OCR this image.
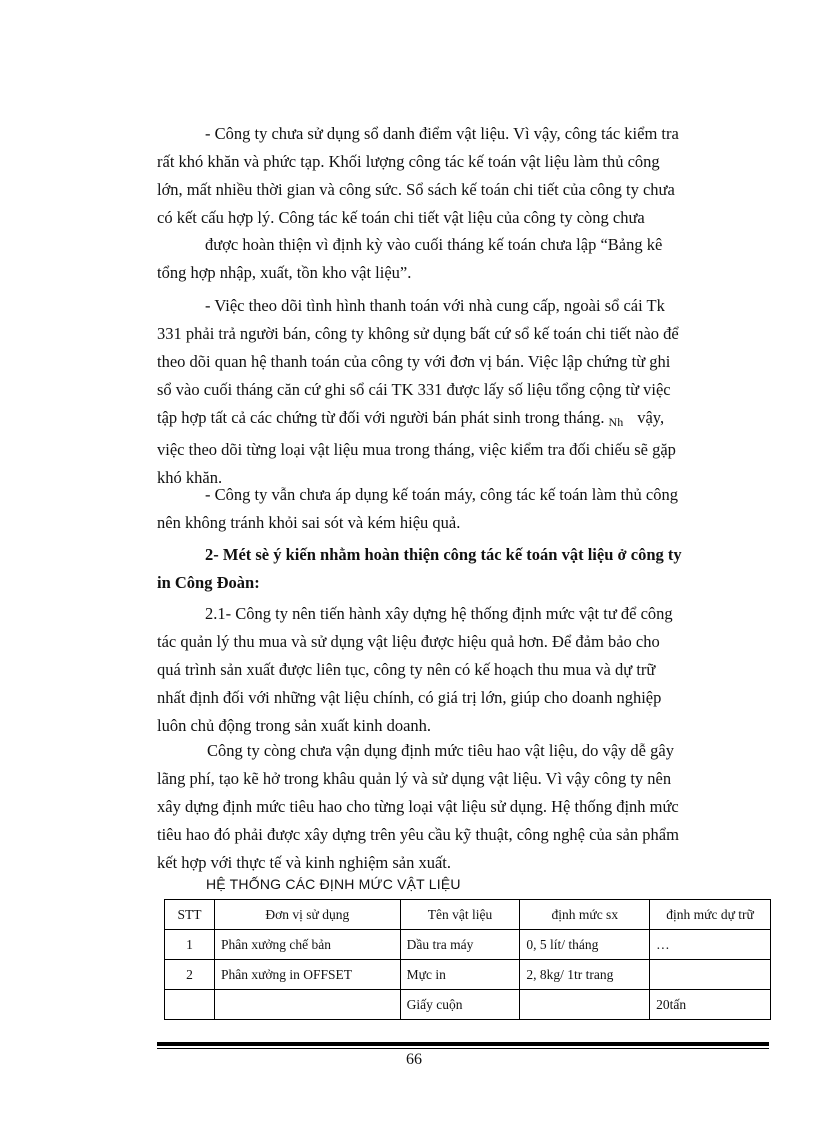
- Công ty chưa sử dụng sổ danh điểm vật liệu. Vì vậy, công tác kiểm tra
rất khó khăn và phức tạp. Khối lượng công tác kế toán vật liệu làm thủ công
lớn, mất nhiều thời gian và công sức. Sổ sách kế toán chi tiết của công ty chưa
có kết cấu hợp lý. Công tác kế toán chi tiết vật liệu của công ty còng chưa
được hoàn thiện vì định kỳ vào cuối tháng kế toán chưa lập “Bảng kê
tổng hợp nhập, xuất, tồn kho vật liệu”.
- Việc theo dõi tình hình thanh toán với nhà cung cấp, ngoài sổ cái Tk
331 phải trả người bán, công ty không sử dụng bất cứ sổ kế toán chi tiết nào để
theo dõi quan hệ thanh toán của công ty với đơn vị bán. Việc lập chứng từ ghi
sổ vào cuối tháng căn cứ ghi sổ cái TK 331 được lấy số liệu tổng cộng từ việc
tập hợp tất cả các chứng từ đối với người bán phát sinh trong tháng. Nh vậy,
việc theo dõi từng loại vật liệu mua trong tháng, việc kiểm tra đối chiếu sẽ gặp
khó khăn.
- Công ty vẫn chưa áp dụng kế toán máy, công tác kế toán làm thủ công
nên không tránh khỏi sai sót và kém hiệu quả.
2- Mét sè ý kiến nhằm hoàn thiện công tác kế toán vật liệu ở công ty
in Công Đoàn:
2.1- Công ty nên tiến hành xây dựng hệ thống định mức vật tư để công
tác quản lý thu mua và sử dụng vật liệu được hiệu quả hơn. Để đảm bảo cho
quá trình sản xuất được liên tục, công ty nên có kế hoạch thu mua và dự trữ
nhất định đối với những vật liệu chính, có giá trị lớn, giúp cho doanh nghiệp
luôn chủ động trong sản xuất kinh doanh.
Công ty còng chưa vận dụng định mức tiêu hao vật liệu, do vậy dễ gây
lãng phí, tạo kẽ hở trong khâu quản lý và sử dụng vật liệu. Vì vậy công ty nên
xây dựng định mức tiêu hao cho từng loại vật liệu sử dụng. Hệ thống định mức
tiêu hao đó phải được xây dựng trên yêu cầu kỹ thuật, công nghệ của sản phẩm
kết hợp với thực tế và kinh nghiệm sản xuất.
HỆ THỐNG CÁC ĐỊNH MỨC VẬT LIỆU
STT	Đơn vị sử dụng	Tên vật liệu	định mức sx	định mức dự trữ
1	Phân xưởng chế bản	Dầu tra máy	0, 5 lít/ tháng	…
2	Phân xưởng in OFFSET	Mực in	2, 8kg/ 1tr trang	
		Giấy cuộn		20tấn
66
